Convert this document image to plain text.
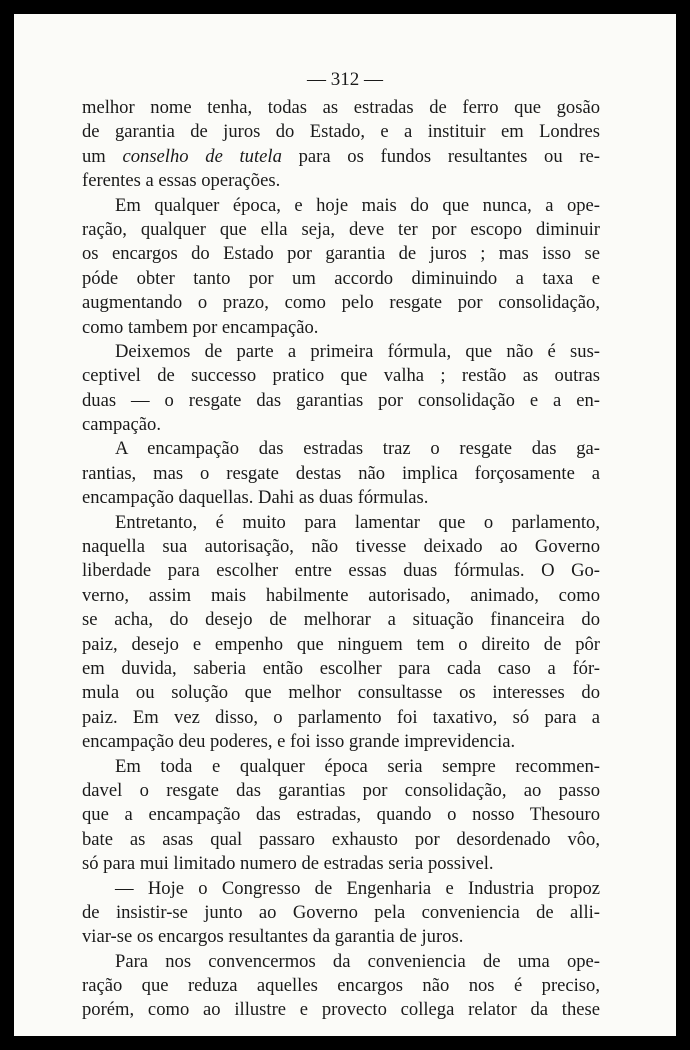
— 312 —
melhor nome tenha, todas as estradas de ferro que gosão
de garantia de juros do Estado, e a instituir em Londres
um conselho de tutela para os fundos resultantes ou re-
ferentes a essas operações.
Em qualquer época, e hoje mais do que nunca, a ope-
ração, qualquer que ella seja, deve ter por escopo diminuir
os encargos do Estado por garantia de juros ; mas isso se
póde obter tanto por um accordo diminuindo a taxa e
augmentando o prazo, como pelo resgate por consolidação,
como tambem por encampação.
Deixemos de parte a primeira fórmula, que não é sus-
ceptivel de successo pratico que valha ; restão as outras
duas — o resgate das garantias por consolidação e a en-
campação.
A encampação das estradas traz o resgate das ga-
rantias, mas o resgate destas não implica forçosamente a
encampação daquellas. Dahi as duas fórmulas.
Entretanto, é muito para lamentar que o parlamento,
naquella sua autorisação, não tivesse deixado ao Governo
liberdade para escolher entre essas duas fórmulas. O Go-
verno, assim mais habilmente autorisado, animado, como
se acha, do desejo de melhorar a situação financeira do
paiz, desejo e empenho que ninguem tem o direito de pôr
em duvida, saberia então escolher para cada caso a fór-
mula ou solução que melhor consultasse os interesses do
paiz. Em vez disso, o parlamento foi taxativo, só para a
encampação deu poderes, e foi isso grande imprevidencia.
Em toda e qualquer época seria sempre recommen-
davel o resgate das garantias por consolidação, ao passo
que a encampação das estradas, quando o nosso Thesouro
bate as asas qual passaro exhausto por desordenado vôo,
só para mui limitado numero de estradas seria possivel.
— Hoje o Congresso de Engenharia e Industria propoz
de insistir-se junto ao Governo pela conveniencia de alli-
viar-se os encargos resultantes da garantia de juros.
Para nos convencermos da conveniencia de uma ope-
ração que reduza aquelles encargos não nos é preciso,
porém, como ao illustre e provecto collega relator da these
